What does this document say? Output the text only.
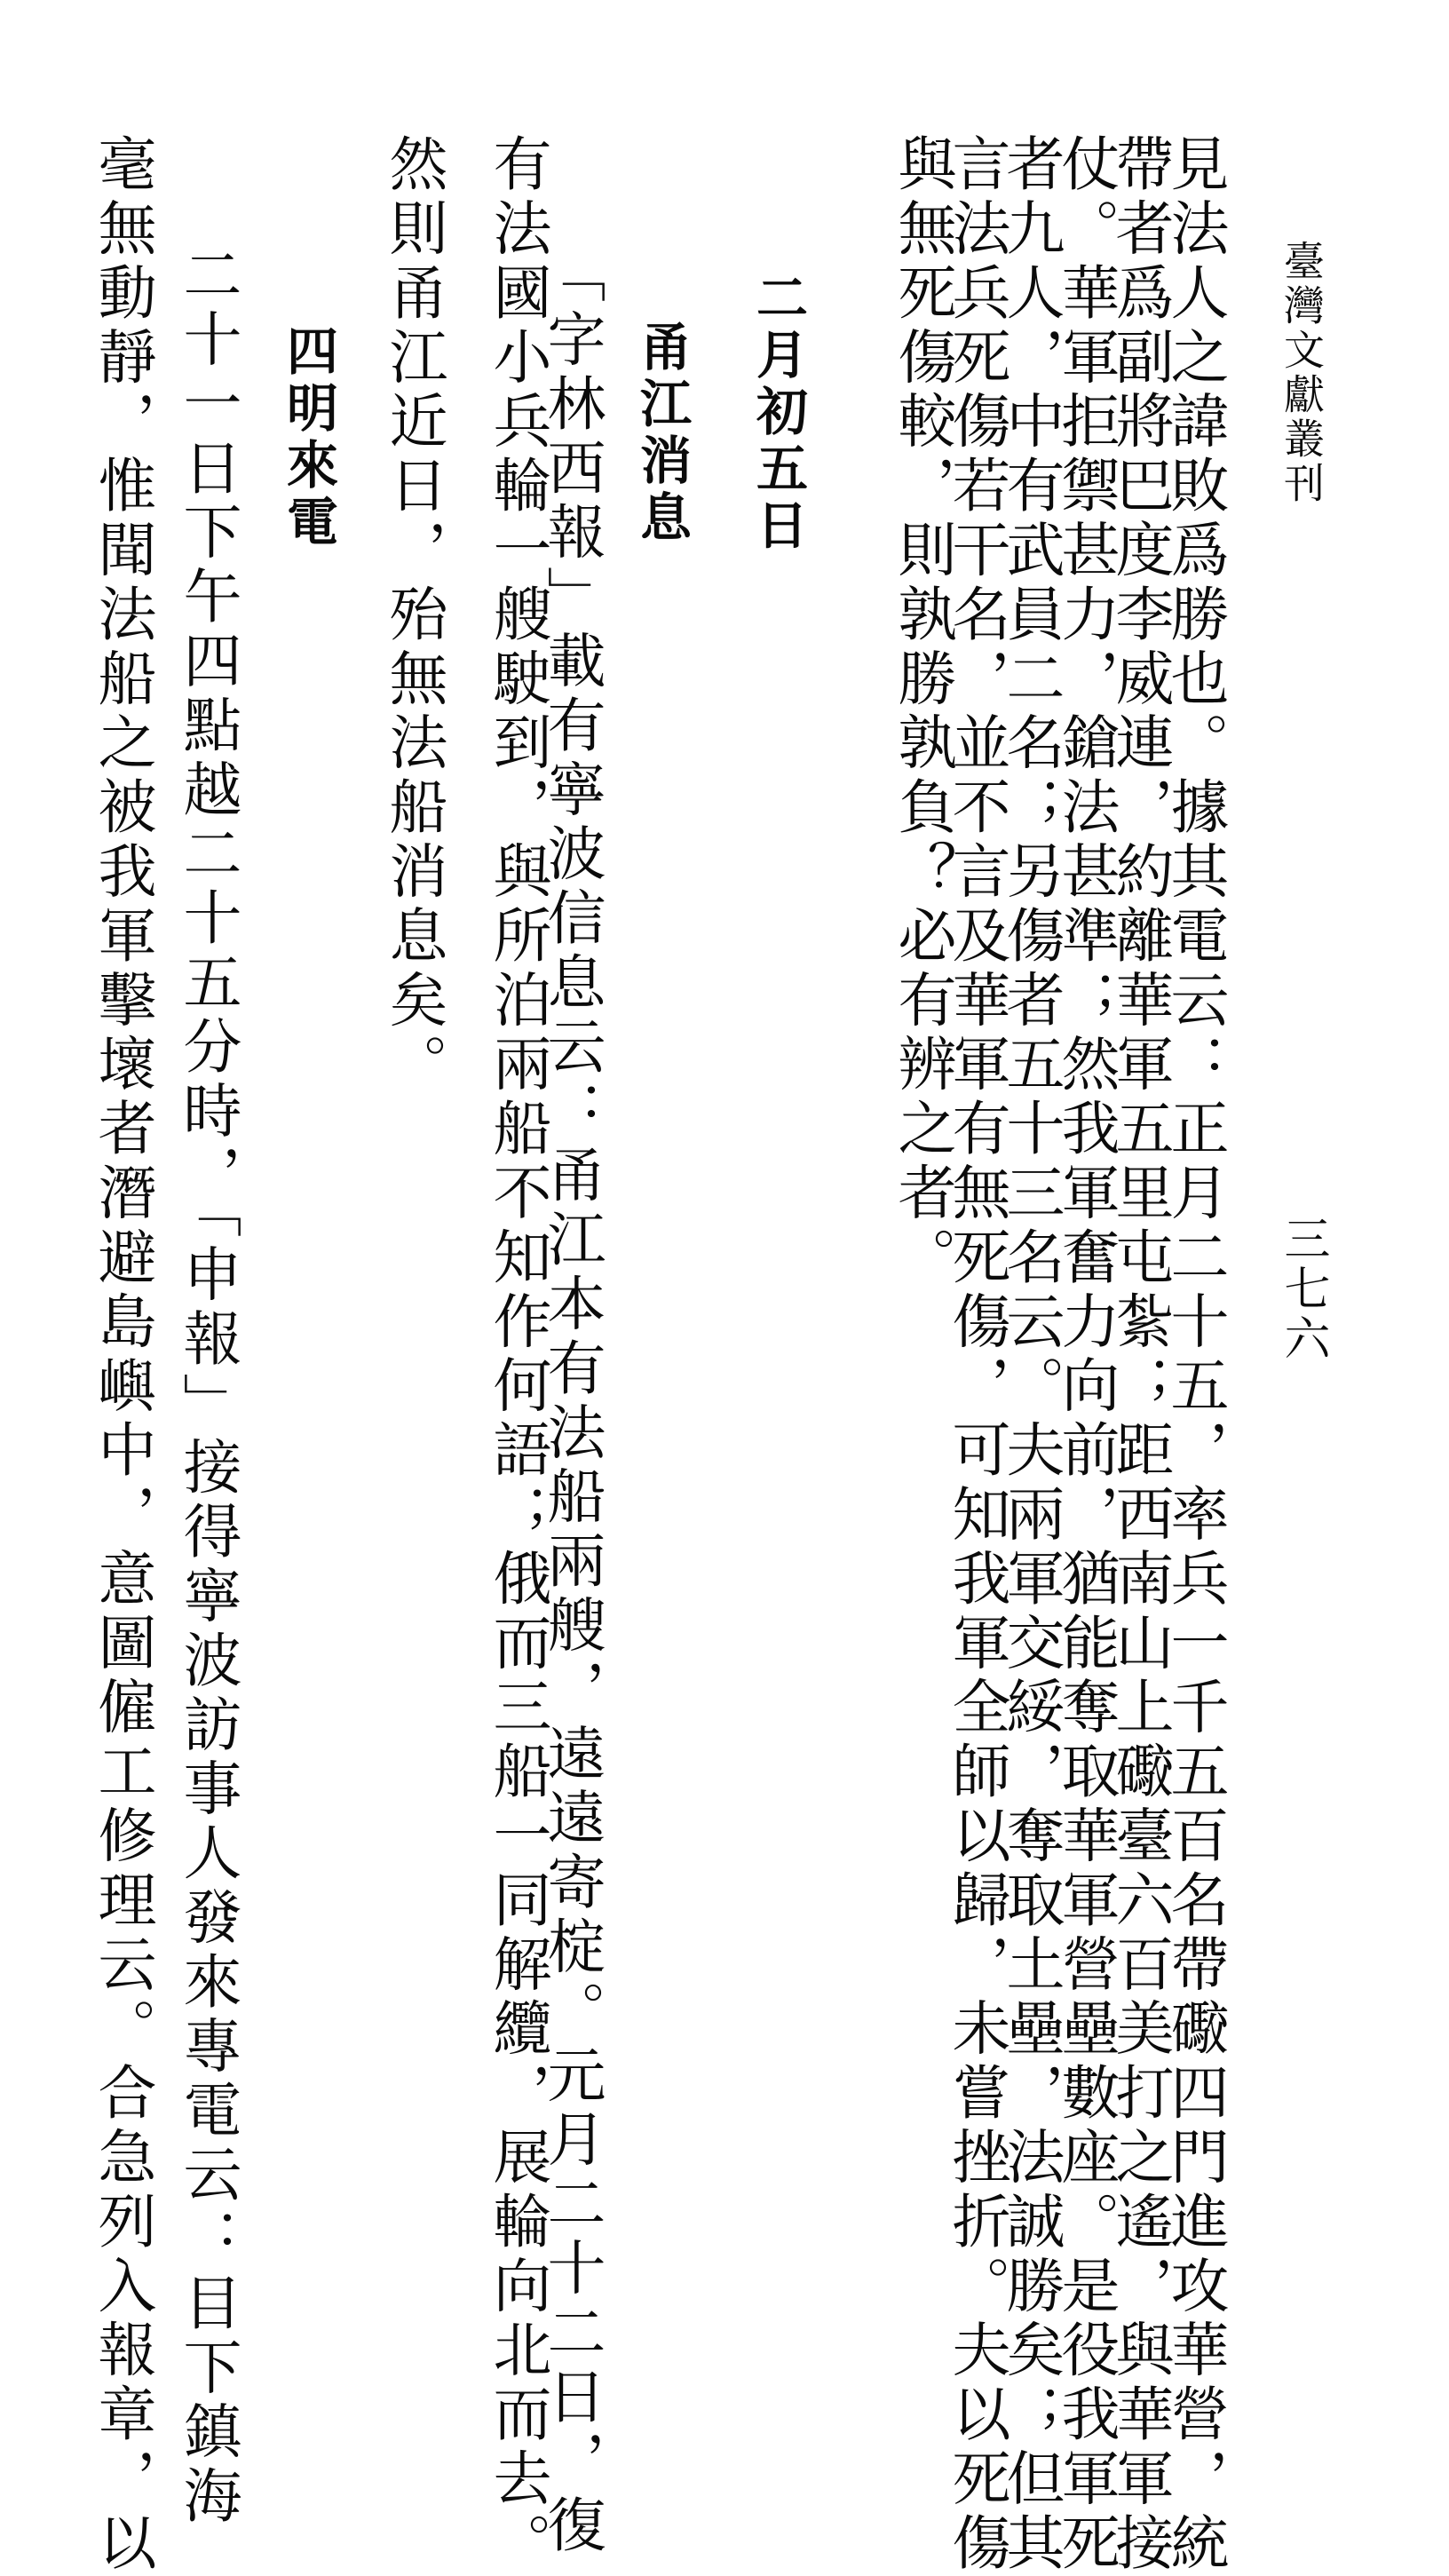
臺灣文獻叢刊
三七六
見法人之諱敗爲勝也。據其電云：正月二十五，率兵一千五百名帶礮四門進攻華營，統
帶者爲副將巴度李威連，約離華軍五里屯紮；距西南山上礮臺六百美打之遙，與華軍接
仗。華軍拒禦甚力，鎗法甚準；然我軍奮力向前，猶能奪取華軍營壘數座。是役我軍死
者九人，中有武員二名；另傷者五十三名云。夫兩軍交綏，奪取土壘，法誠勝矣；但其
言法兵死傷若干名，並不言及華軍有無死傷，可知我軍全師以歸，未嘗挫折。夫以死傷
與無死傷較，則孰勝孰負？必有辨之者。
二月初五日
甬江消息
「字林西報」載有寧波信息云：甬江本有法船兩艘，遠遠寄椗。元月二十二日，復
有法國小兵輪一艘駛到，與所泊兩船不知作何語；俄而三船一同解纜，展輪向北而去。
然則甬江近日，殆無法船消息矣。
四明來電
二十一日下午四點越二十五分時，「申報」接得寧波訪事人發來專電云：目下鎮海
毫無動靜，惟聞法船之被我軍擊壞者潛避島嶼中，意圖僱工修理云。合急列入報章，以
